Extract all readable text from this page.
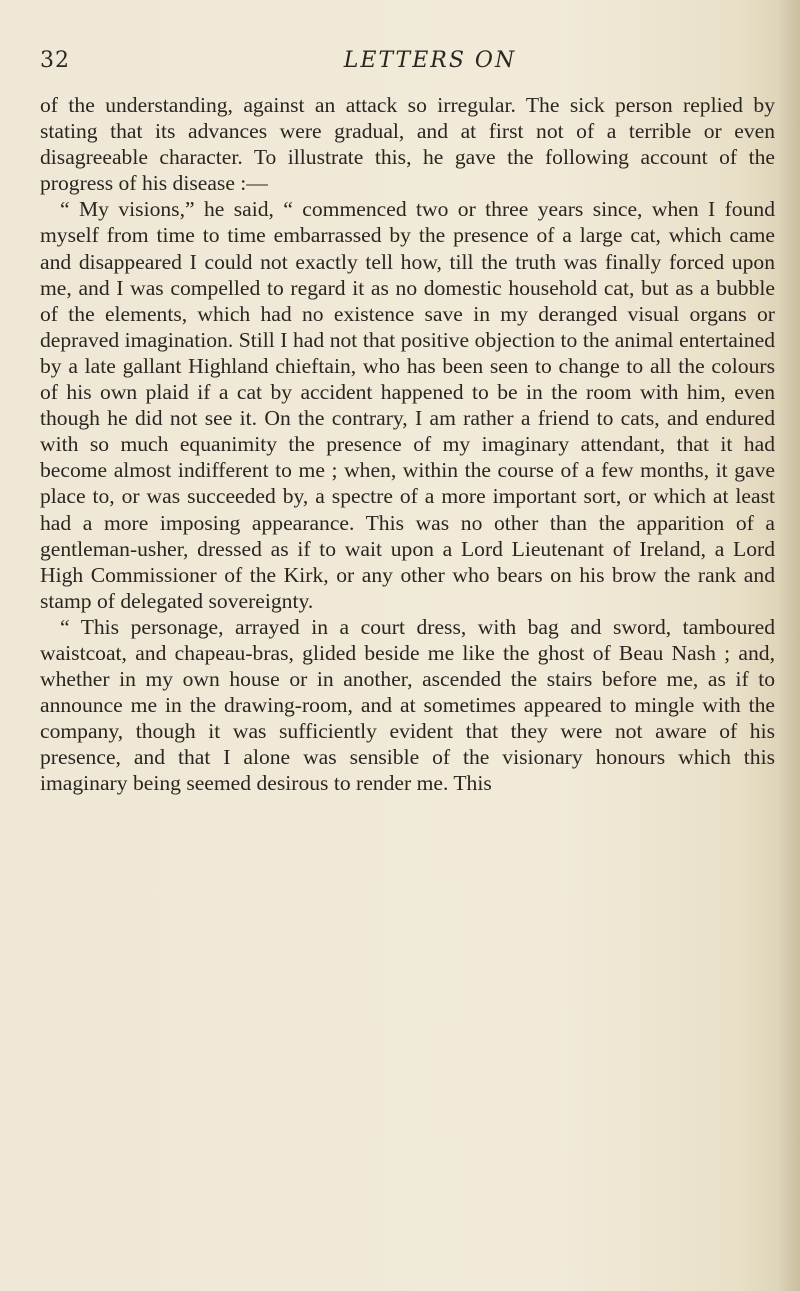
32	LETTERS ON

of the understanding, against an attack so irregular. The sick person replied by stating that its advances were gradual, and at first not of a terrible or even disagreeable character. To illustrate this, he gave the following account of the progress of his disease :—

“ My visions,” he said, “ commenced two or three years since, when I found myself from time to time embarrassed by the presence of a large cat, which came and disappeared I could not exactly tell how, till the truth was finally forced upon me, and I was compelled to regard it as no domestic household cat, but as a bubble of the elements, which had no existence save in my deranged visual organs or depraved imagination. Still I had not that positive objection to the animal entertained by a late gallant Highland chieftain, who has been seen to change to all the colours of his own plaid if a cat by accident happened to be in the room with him, even though he did not see it. On the contrary, I am rather a friend to cats, and endured with so much equanimity the presence of my imaginary attendant, that it had become almost indifferent to me ; when, within the course of a few months, it gave place to, or was succeeded by, a spectre of a more important sort, or which at least had a more imposing appearance. This was no other than the apparition of a gentleman-usher, dressed as if to wait upon a Lord Lieutenant of Ireland, a Lord High Commissioner of the Kirk, or any other who bears on his brow the rank and stamp of delegated sovereignty.

“ This personage, arrayed in a court dress, with bag and sword, tamboured waistcoat, and chapeau-bras, glided beside me like the ghost of Beau Nash ; and, whether in my own house or in another, ascended the stairs before me, as if to announce me in the drawing-room, and at sometimes appeared to mingle with the company, though it was sufficiently evident that they were not aware of his presence, and that I alone was sensible of the visionary honours which this imaginary being seemed desirous to render me. This
